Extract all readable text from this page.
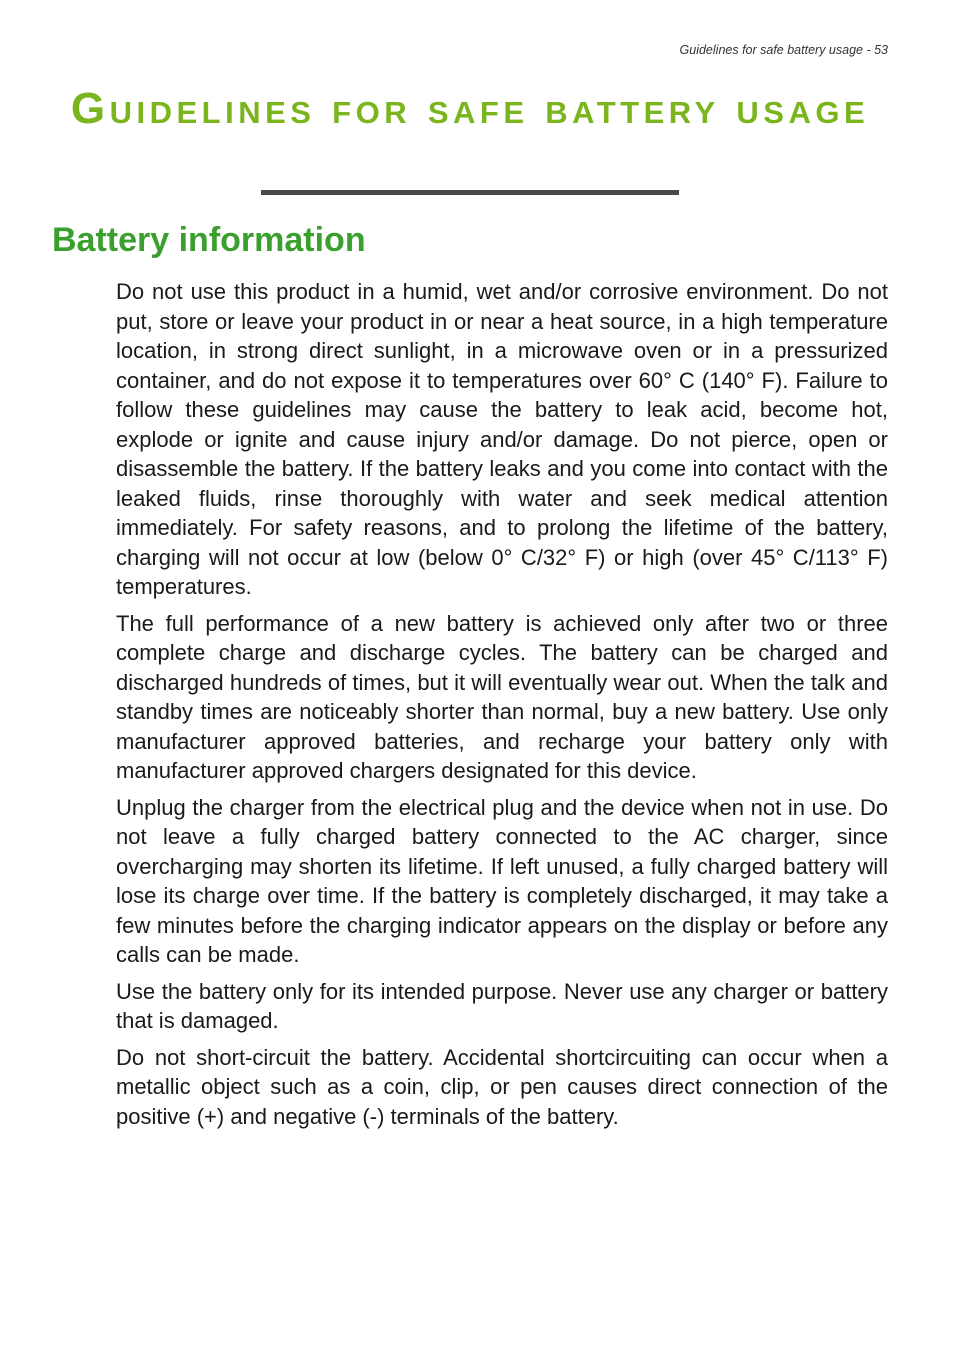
Guidelines for safe battery usage - 53
Guidelines for safe battery usage
Battery information

Do not use this product in a humid, wet and/or corrosive environment. Do not put, store or leave your product in or near a heat source, in a high temperature location, in strong direct sunlight, in a microwave oven or in a pressurized container, and do not expose it to temperatures over 60° C (140° F). Failure to follow these guidelines may cause the battery to leak acid, become hot, explode or ignite and cause injury and/or damage. Do not pierce, open or disassemble the battery. If the battery leaks and you come into contact with the leaked fluids, rinse thoroughly with water and seek medical attention immediately. For safety reasons, and to prolong the lifetime of the battery, charging will not occur at low (below 0° C/32° F) or high (over 45° C/113° F) temperatures.

The full performance of a new battery is achieved only after two or three complete charge and discharge cycles. The battery can be charged and discharged hundreds of times, but it will eventually wear out. When the talk and standby times are noticeably shorter than normal, buy a new battery. Use only manufacturer approved batteries, and recharge your battery only with manufacturer approved chargers designated for this device.

Unplug the charger from the electrical plug and the device when not in use. Do not leave a fully charged battery connected to the AC charger, since overcharging may shorten its lifetime. If left unused, a fully charged battery will lose its charge over time. If the battery is completely discharged, it may take a few minutes before the charging indicator appears on the display or before any calls can be made.

Use the battery only for its intended purpose. Never use any charger or battery that is damaged.

Do not short-circuit the battery. Accidental shortcircuiting can occur when a metallic object such as a coin, clip, or pen causes direct connection of the positive (+) and negative (-) terminals of the battery.
